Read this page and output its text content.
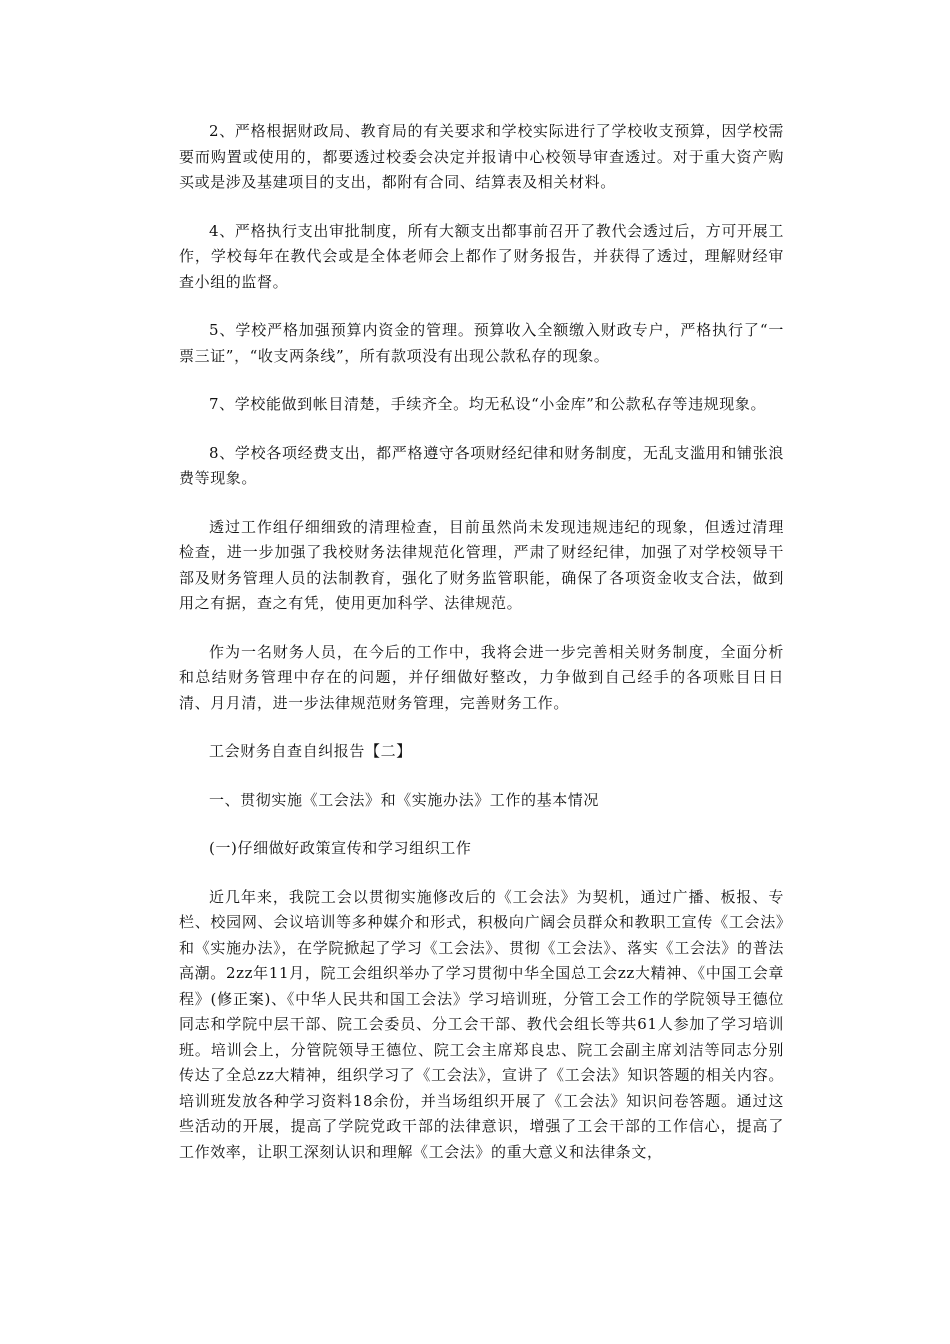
2、严格根据财政局、教育局的有关要求和学校实际进行了学校收支预算，因学校需要而购置或使用的，都要透过校委会决定并报请中心校领导审查透过。对于重大资产购买或是涉及基建项目的支出，都附有合同、结算表及相关材料。

4、严格执行支出审批制度，所有大额支出都事前召开了教代会透过后，方可开展工作，学校每年在教代会或是全体老师会上都作了财务报告，并获得了透过，理解财经审查小组的监督。

5、学校严格加强预算内资金的管理。预算收入全额缴入财政专户，严格执行了“一票三证”，“收支两条线”，所有款项没有出现公款私存的现象。

7、学校能做到帐目清楚，手续齐全。均无私设“小金库”和公款私存等违规现象。

8、学校各项经费支出，都严格遵守各项财经纪律和财务制度，无乱支滥用和铺张浪费等现象。

透过工作组仔细细致的清理检查，目前虽然尚未发现违规违纪的现象，但透过清理检查，进一步加强了我校财务法律规范化管理，严肃了财经纪律，加强了对学校领导干部及财务管理人员的法制教育，强化了财务监管职能，确保了各项资金收支合法，做到用之有据，查之有凭，使用更加科学、法律规范。

作为一名财务人员，在今后的工作中，我将会进一步完善相关财务制度，全面分析和总结财务管理中存在的问题，并仔细做好整改，力争做到自己经手的各项账目日日清、月月清，进一步法律规范财务管理，完善财务工作。

工会财务自查自纠报告【二】

一、贯彻实施《工会法》和《实施办法》工作的基本情况

(一)仔细做好政策宣传和学习组织工作

近几年来，我院工会以贯彻实施修改后的《工会法》为契机，通过广播、板报、专栏、校园网、会议培训等多种媒介和形式，积极向广阔会员群众和教职工宣传《工会法》和《实施办法》，在学院掀起了学习《工会法》、贯彻《工会法》、落实《工会法》的普法高潮。2zz年11月，院工会组织举办了学习贯彻中华全国总工会zz大精神、《中国工会章程》(修正案)、《中华人民共和国工会法》学习培训班，分管工会工作的学院领导王德位同志和学院中层干部、院工会委员、分工会干部、教代会组长等共61人参加了学习培训班。培训会上，分管院领导王德位、院工会主席郑良忠、院工会副主席刘洁等同志分别传达了全总zz大精神，组织学习了《工会法》，宣讲了《工会法》知识答题的相关内容。培训班发放各种学习资料18余份，并当场组织开展了《工会法》知识问卷答题。通过这些活动的开展，提高了学院党政干部的法律意识，增强了工会干部的工作信心，提高了工作效率，让职工深刻认识和理解《工会法》的重大意义和法律条文，
